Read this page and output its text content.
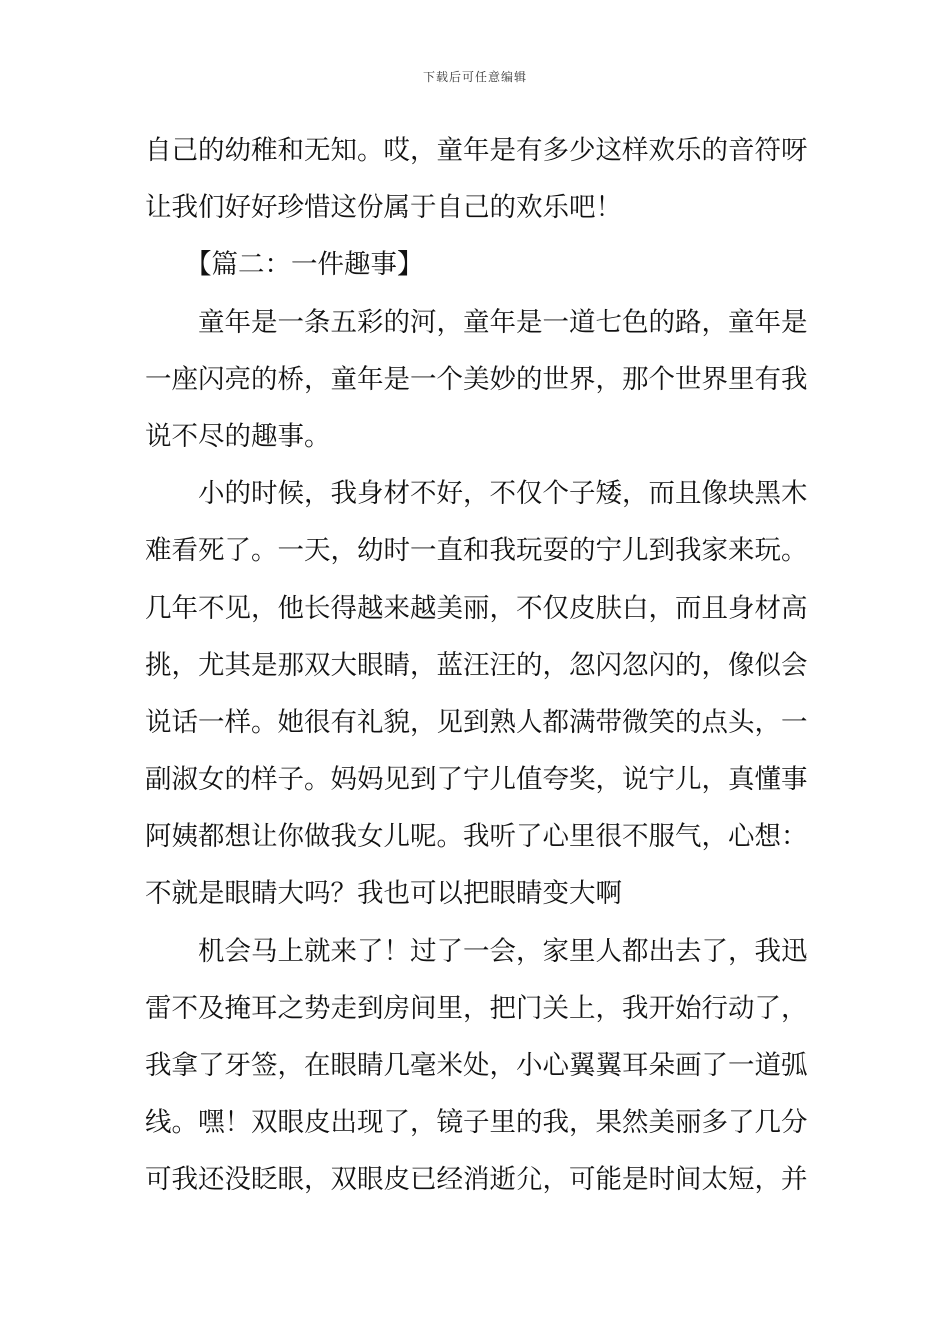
下载后可任意编辑
自己的幼稚和无知。哎，童年是有多少这样欢乐的音符呀
让我们好好珍惜这份属于自己的欢乐吧！
【篇二：一件趣事】
童年是一条五彩的河，童年是一道七色的路，童年是
一座闪亮的桥，童年是一个美妙的世界，那个世界里有我
说不尽的趣事。
小的时候，我身材不好，不仅个子矮，而且像块黑木
难看死了。一天，幼时一直和我玩耍的宁儿到我家来玩。
几年不见，他长得越来越美丽，不仅皮肤白，而且身材高
挑，尤其是那双大眼睛，蓝汪汪的，忽闪忽闪的，像似会
说话一样。她很有礼貌，见到熟人都满带微笑的点头，一
副淑女的样子。妈妈见到了宁儿值夸奖，说宁儿，真懂事
阿姨都想让你做我女儿呢。我听了心里很不服气，心想：
不就是眼睛大吗？我也可以把眼睛变大啊
机会马上就来了！过了一会，家里人都出去了，我迅
雷不及掩耳之势走到房间里，把门关上，我开始行动了，
我拿了牙签，在眼睛几毫米处，小心翼翼耳朵画了一道弧
线。嘿！双眼皮出现了，镜子里的我，果然美丽多了几分
可我还没眨眼，双眼皮已经消逝尣，可能是时间太短，并
